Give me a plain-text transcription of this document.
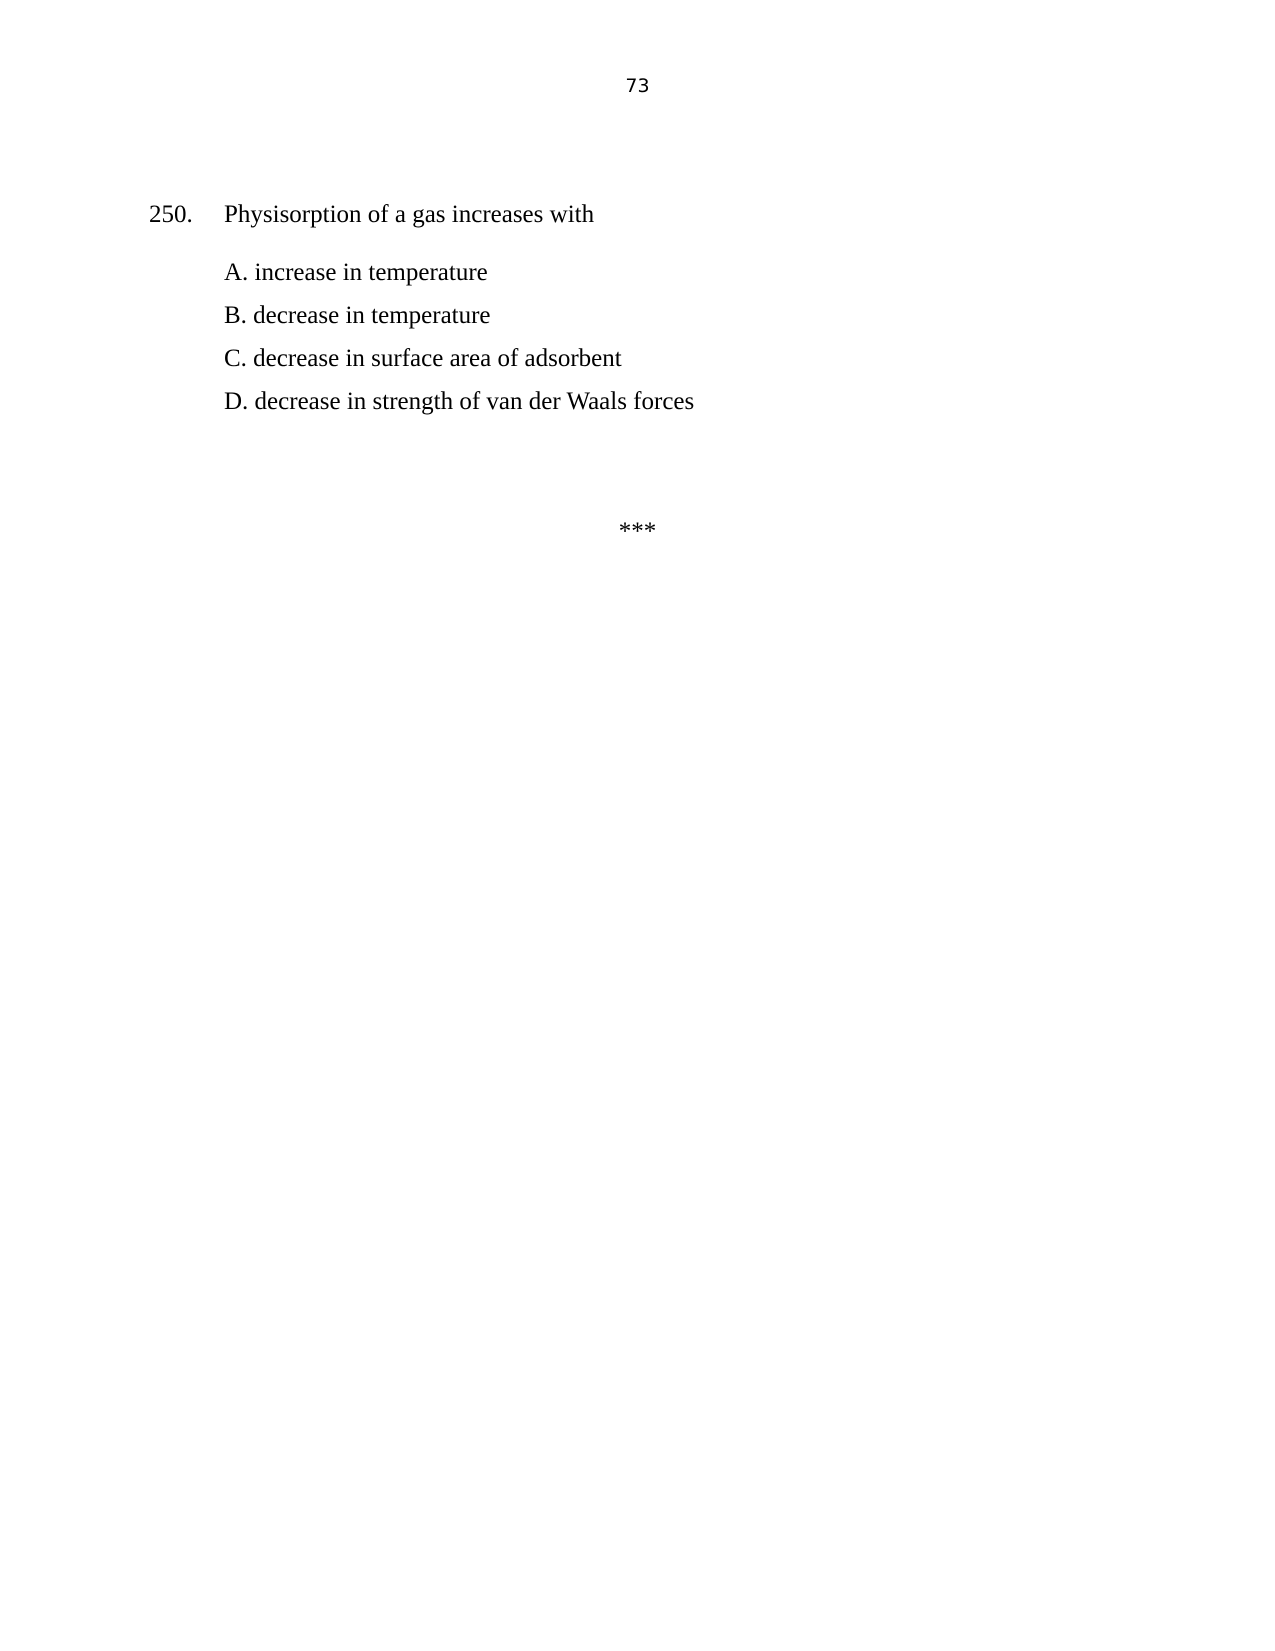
73
250.	Physisorption of a gas increases with
A. increase in temperature
B. decrease in temperature
C. decrease in surface area of adsorbent
D. decrease in strength of van der Waals forces
***
